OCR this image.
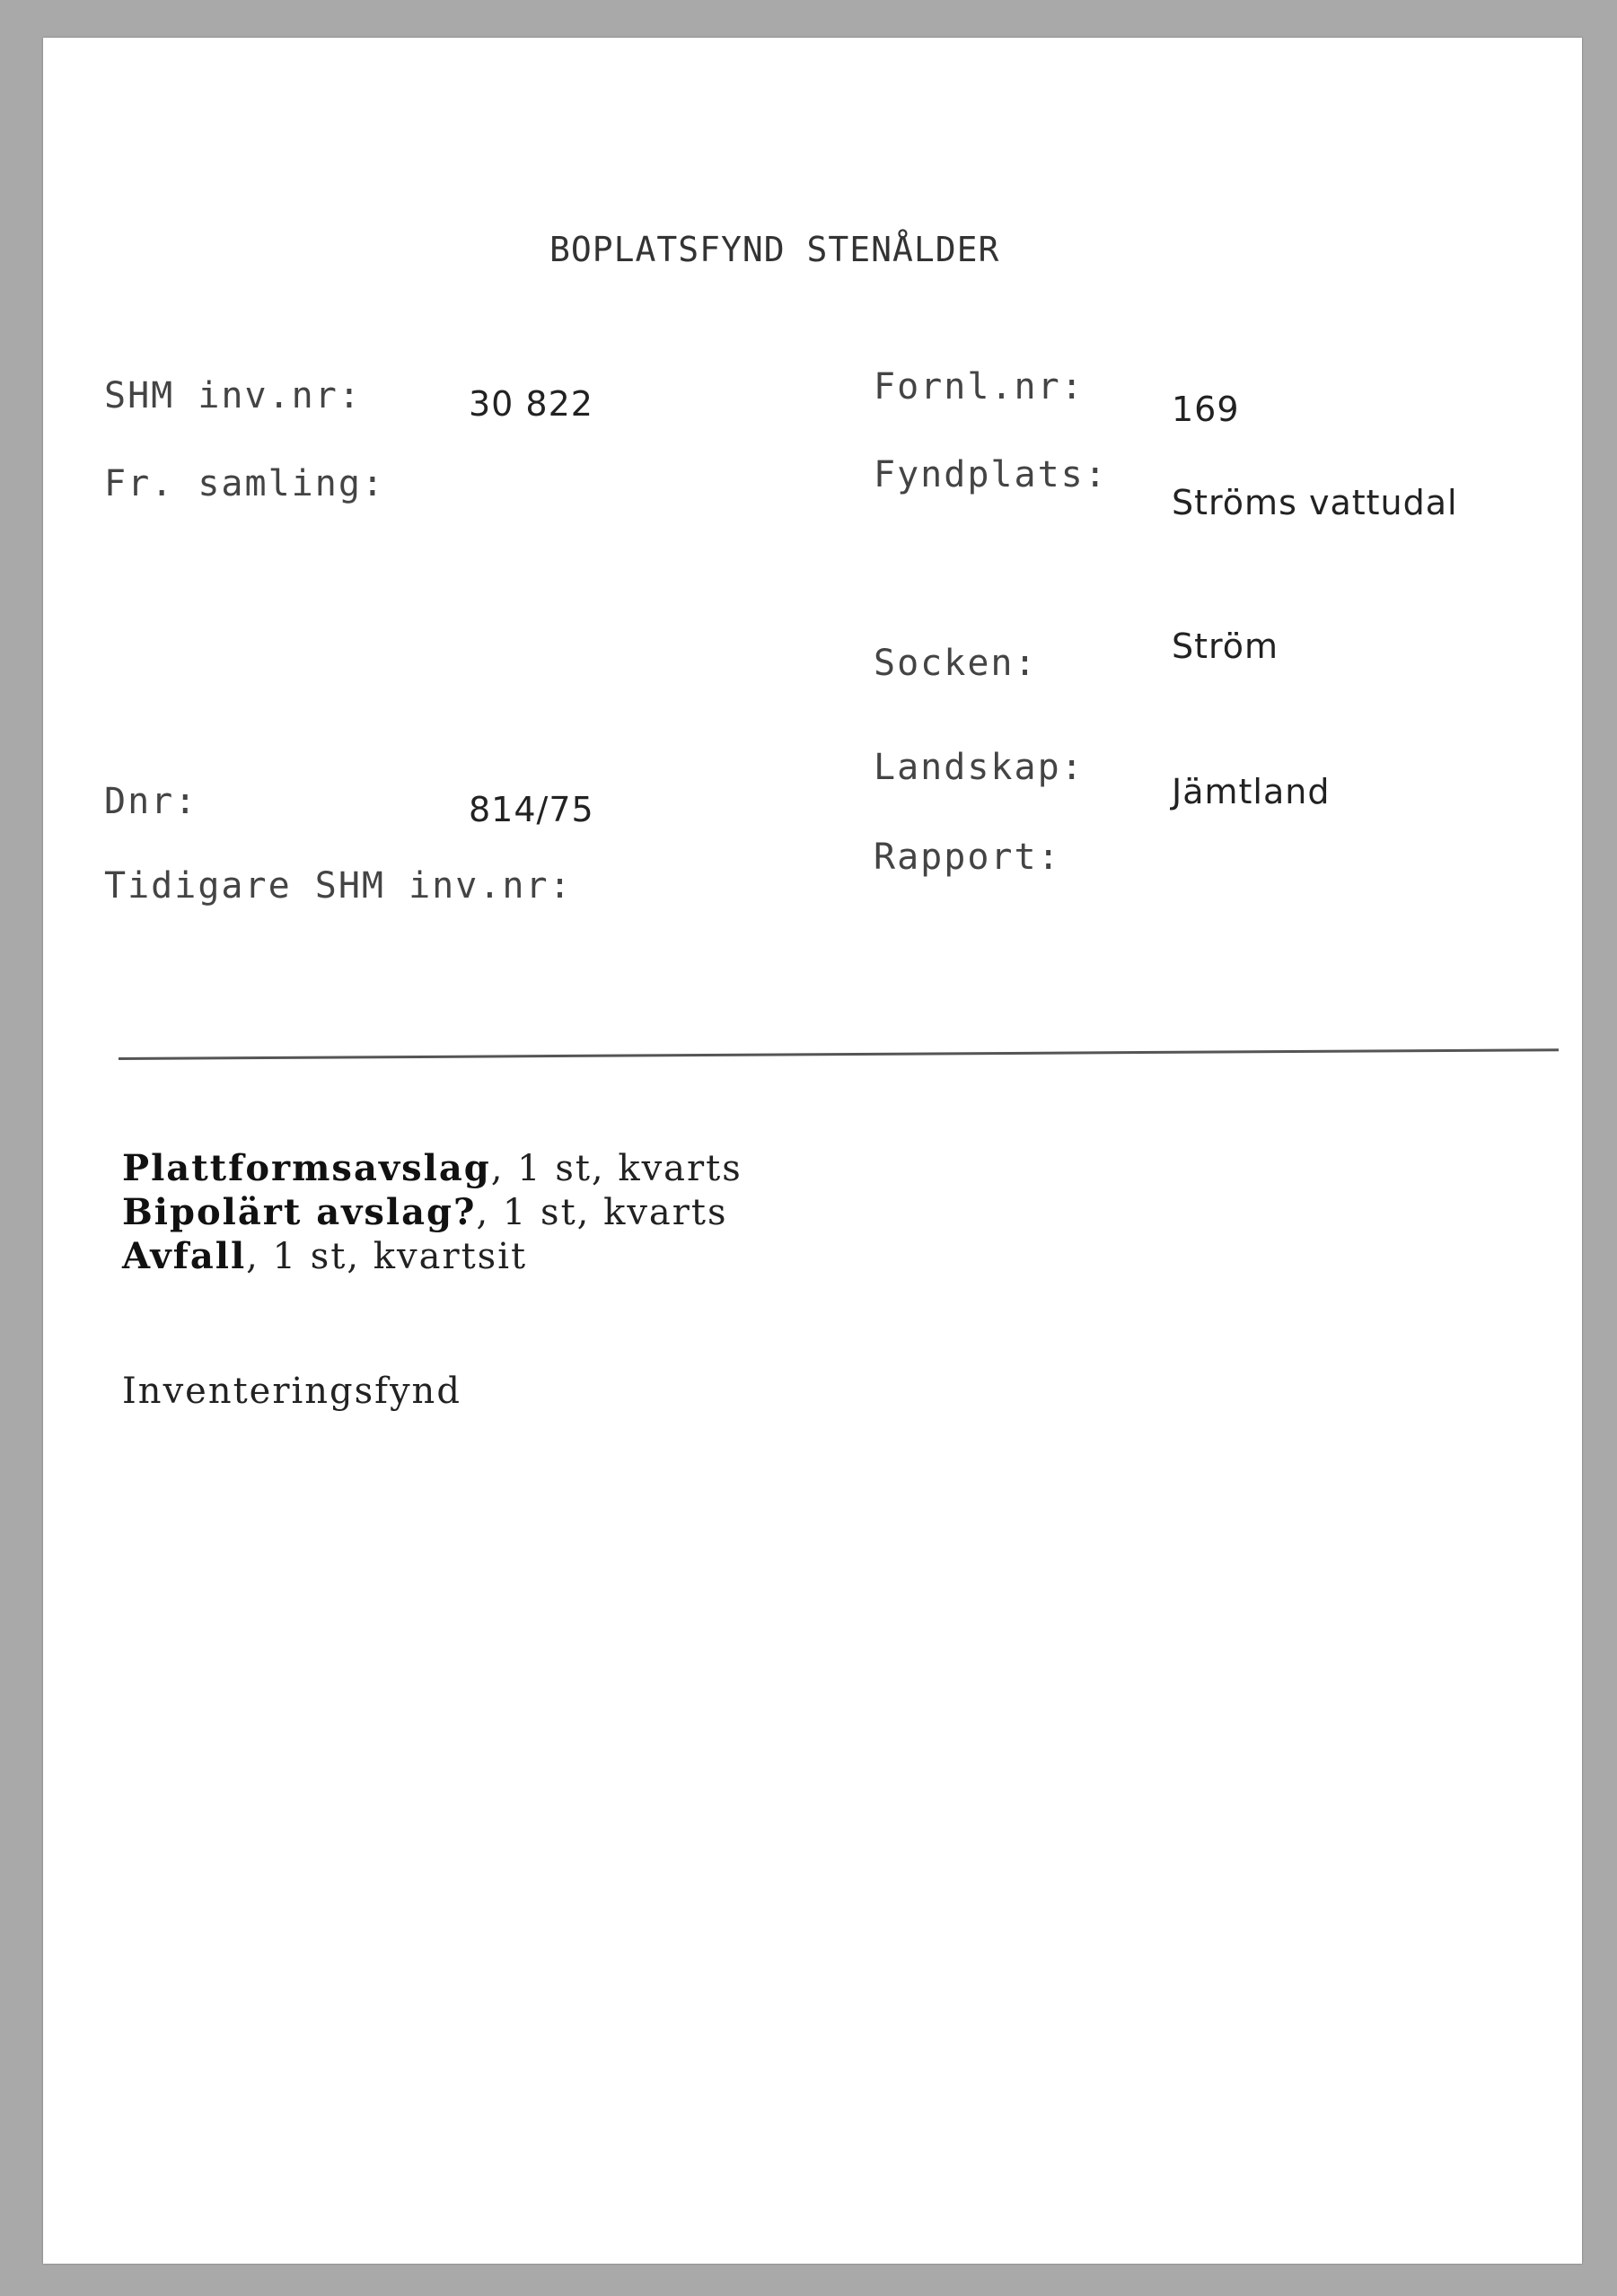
BOPLATSFYND STENÅLDER
SHM inv.nr:
Fr. samling:
Dnr:
Tidigare SHM inv.nr:
30 822
814/75
Fornl.nr:
Fyndplats:
Socken:
Landskap:
Rapport:
169
Ströms vattudal
Ström
Jämtland
Plattformsavslag, 1 st, kvarts
Bipolärt avslag?, 1 st, kvarts
Avfall, 1 st, kvartsit
Inventeringsfynd
